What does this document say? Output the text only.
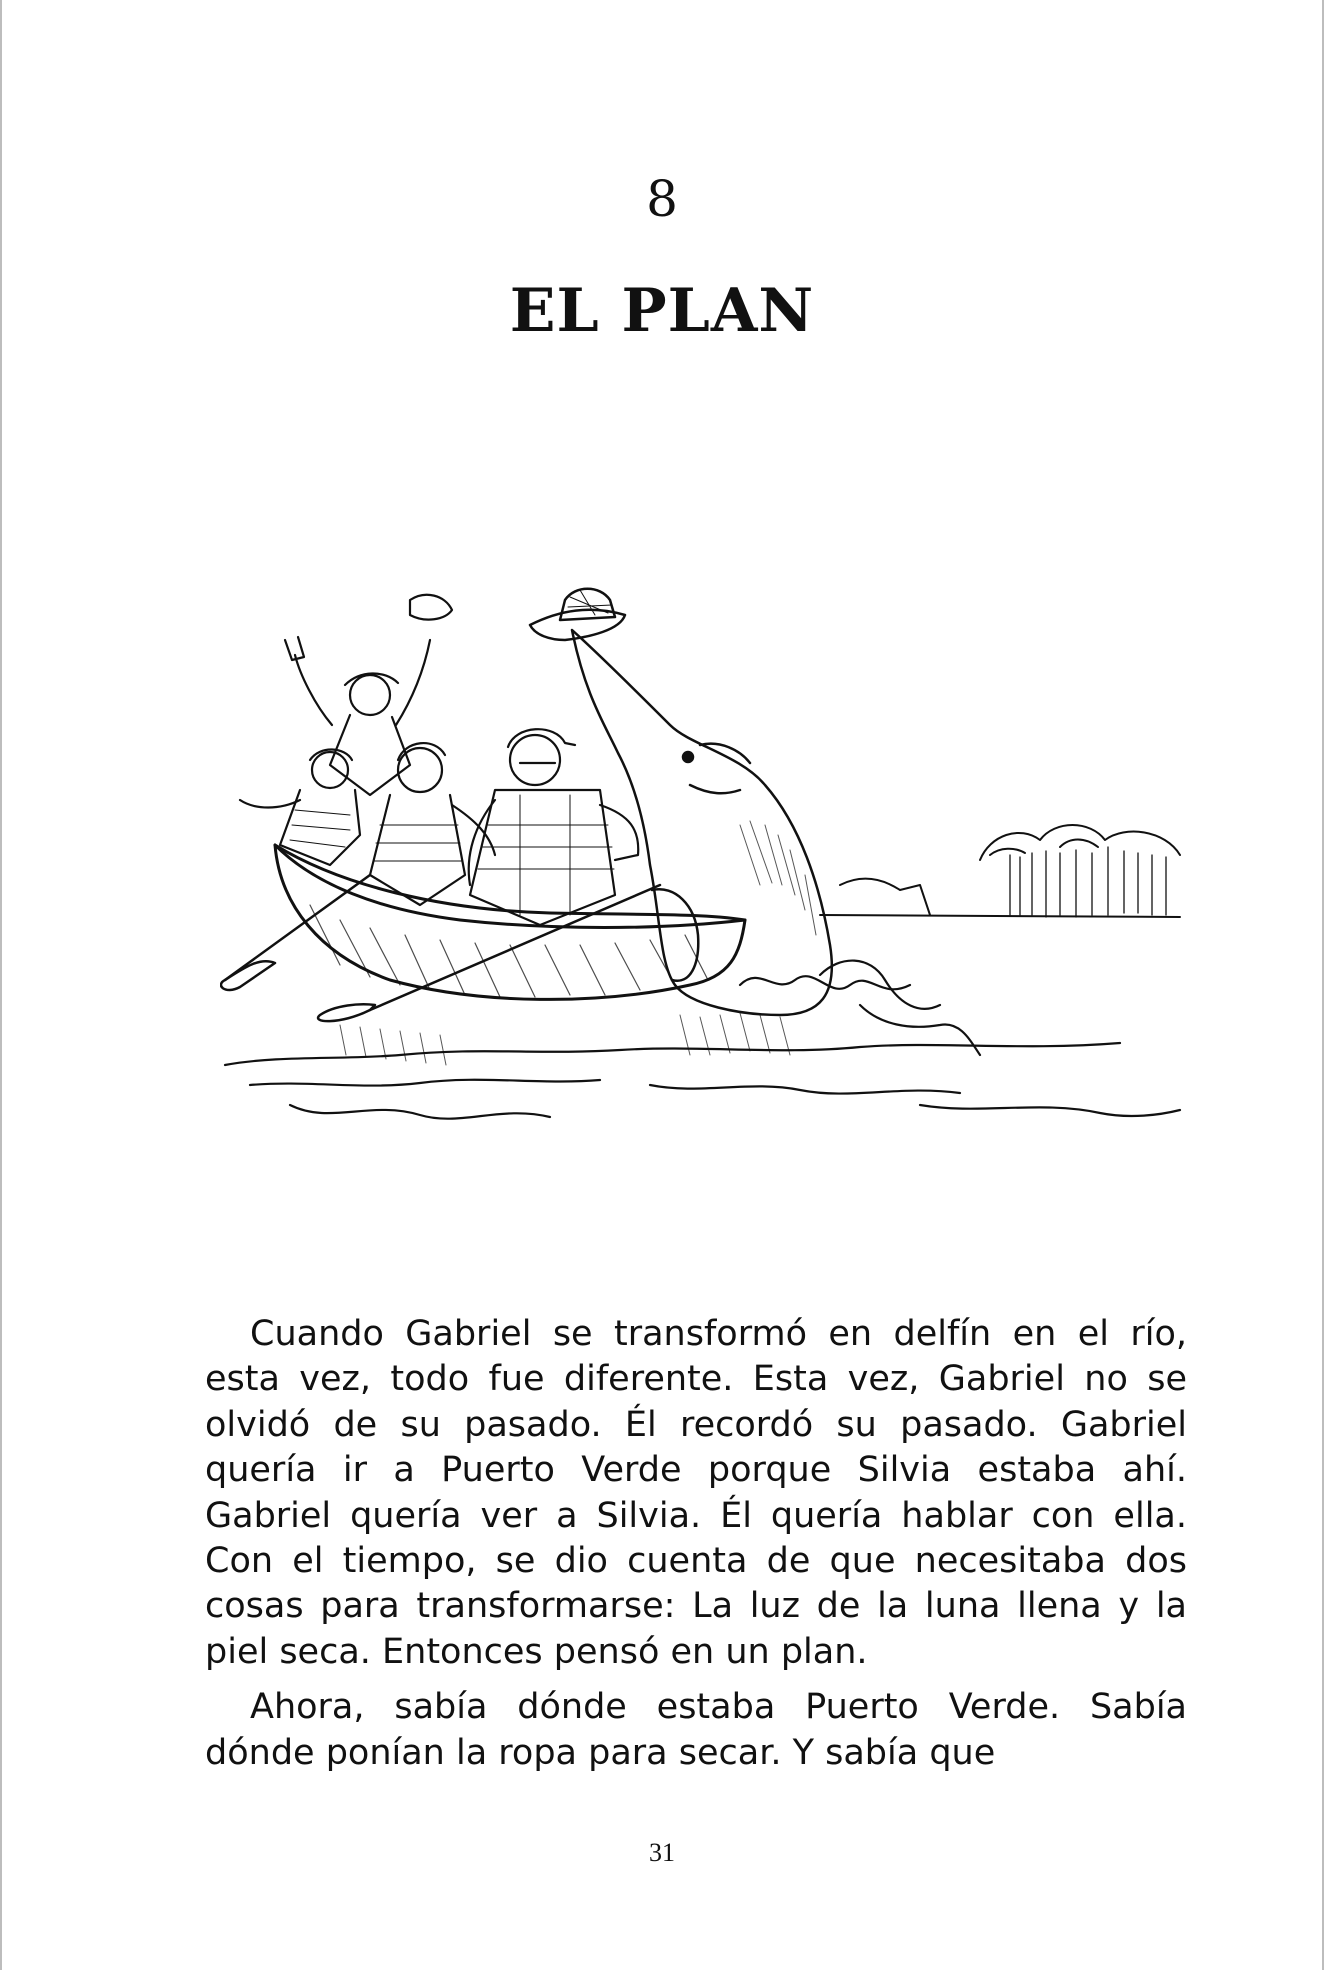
8
EL PLAN

Cuando Gabriel se transformó en delfín en el río, esta vez, todo fue diferente. Esta vez, Gabriel no se olvidó de su pasado. Él recordó su pasado. Gabriel quería ir a Puerto Verde porque Silvia estaba ahí. Gabriel quería ver a Silvia. Él quería hablar con ella. Con el tiempo, se dio cuenta de que necesitaba dos cosas para transformarse: La luz de la luna llena y la piel seca. Entonces pensó en un plan.

Ahora, sabía dónde estaba Puerto Verde. Sabía dónde ponían la ropa para secar. Y sabía que

31
